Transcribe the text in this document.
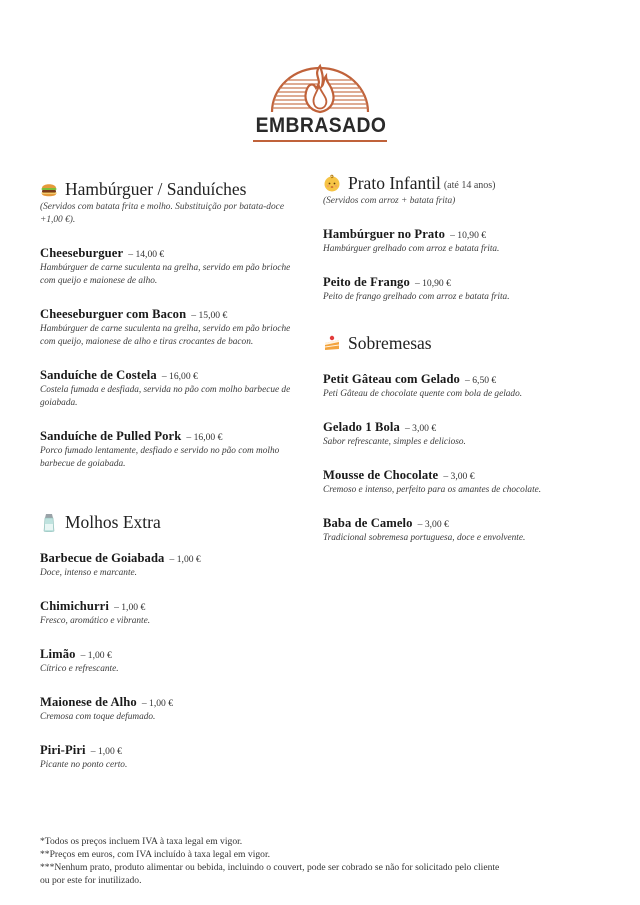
EMBRASADO
Hambúrguer / Sanduíches
(Servidos com batata frita e molho. Substituição por batata-doce +1,00 €).
Cheeseburguer – 14,00 €
Hambúrguer de carne suculenta na grelha, servido em pão brioche com queijo e maionese de alho.
Cheeseburguer com Bacon – 15,00 €
Hambúrguer de carne suculenta na grelha, servido em pão brioche com queijo, maionese de alho e tiras crocantes de bacon.
Sanduíche de Costela – 16,00 €
Costela fumada e desfiada, servida no pão com molho barbecue de goiabada.
Sanduíche de Pulled Pork – 16,00 €
Porco fumado lentamente, desfiado e servido no pão com molho barbecue de goiabada.
Molhos Extra
Barbecue de Goiabada – 1,00 €
Doce, intenso e marcante.
Chimichurri – 1,00 €
Fresco, aromático e vibrante.
Limão – 1,00 €
Cítrico e refrescante.
Maionese de Alho – 1,00 €
Cremosa com toque defumado.
Piri-Piri – 1,00 €
Picante no ponto certo.
Prato Infantil (até 14 anos)
(Servidos com arroz + batata frita)
Hambúrguer no Prato – 10,90 €
Hambúrguer grelhado com arroz e batata frita.
Peito de Frango – 10,90 €
Peito de frango grelhado com arroz e batata frita.
Sobremesas
Petit Gâteau com Gelado – 6,50 €
Peti Gâteau de chocolate quente com bola de gelado.
Gelado 1 Bola – 3,00 €
Sabor refrescante, simples e delicioso.
Mousse de Chocolate – 3,00 €
Cremoso e intenso, perfeito para os amantes de chocolate.
Baba de Camelo – 3,00 €
Tradicional sobremesa portuguesa, doce e envolvente.
*Todos os preços incluem IVA à taxa legal em vigor.
**Preços em euros, com IVA incluído à taxa legal em vigor.
***Nenhum prato, produto alimentar ou bebida, incluindo o couvert, pode ser cobrado se não for solicitado pelo cliente ou por este for inutilizado.
